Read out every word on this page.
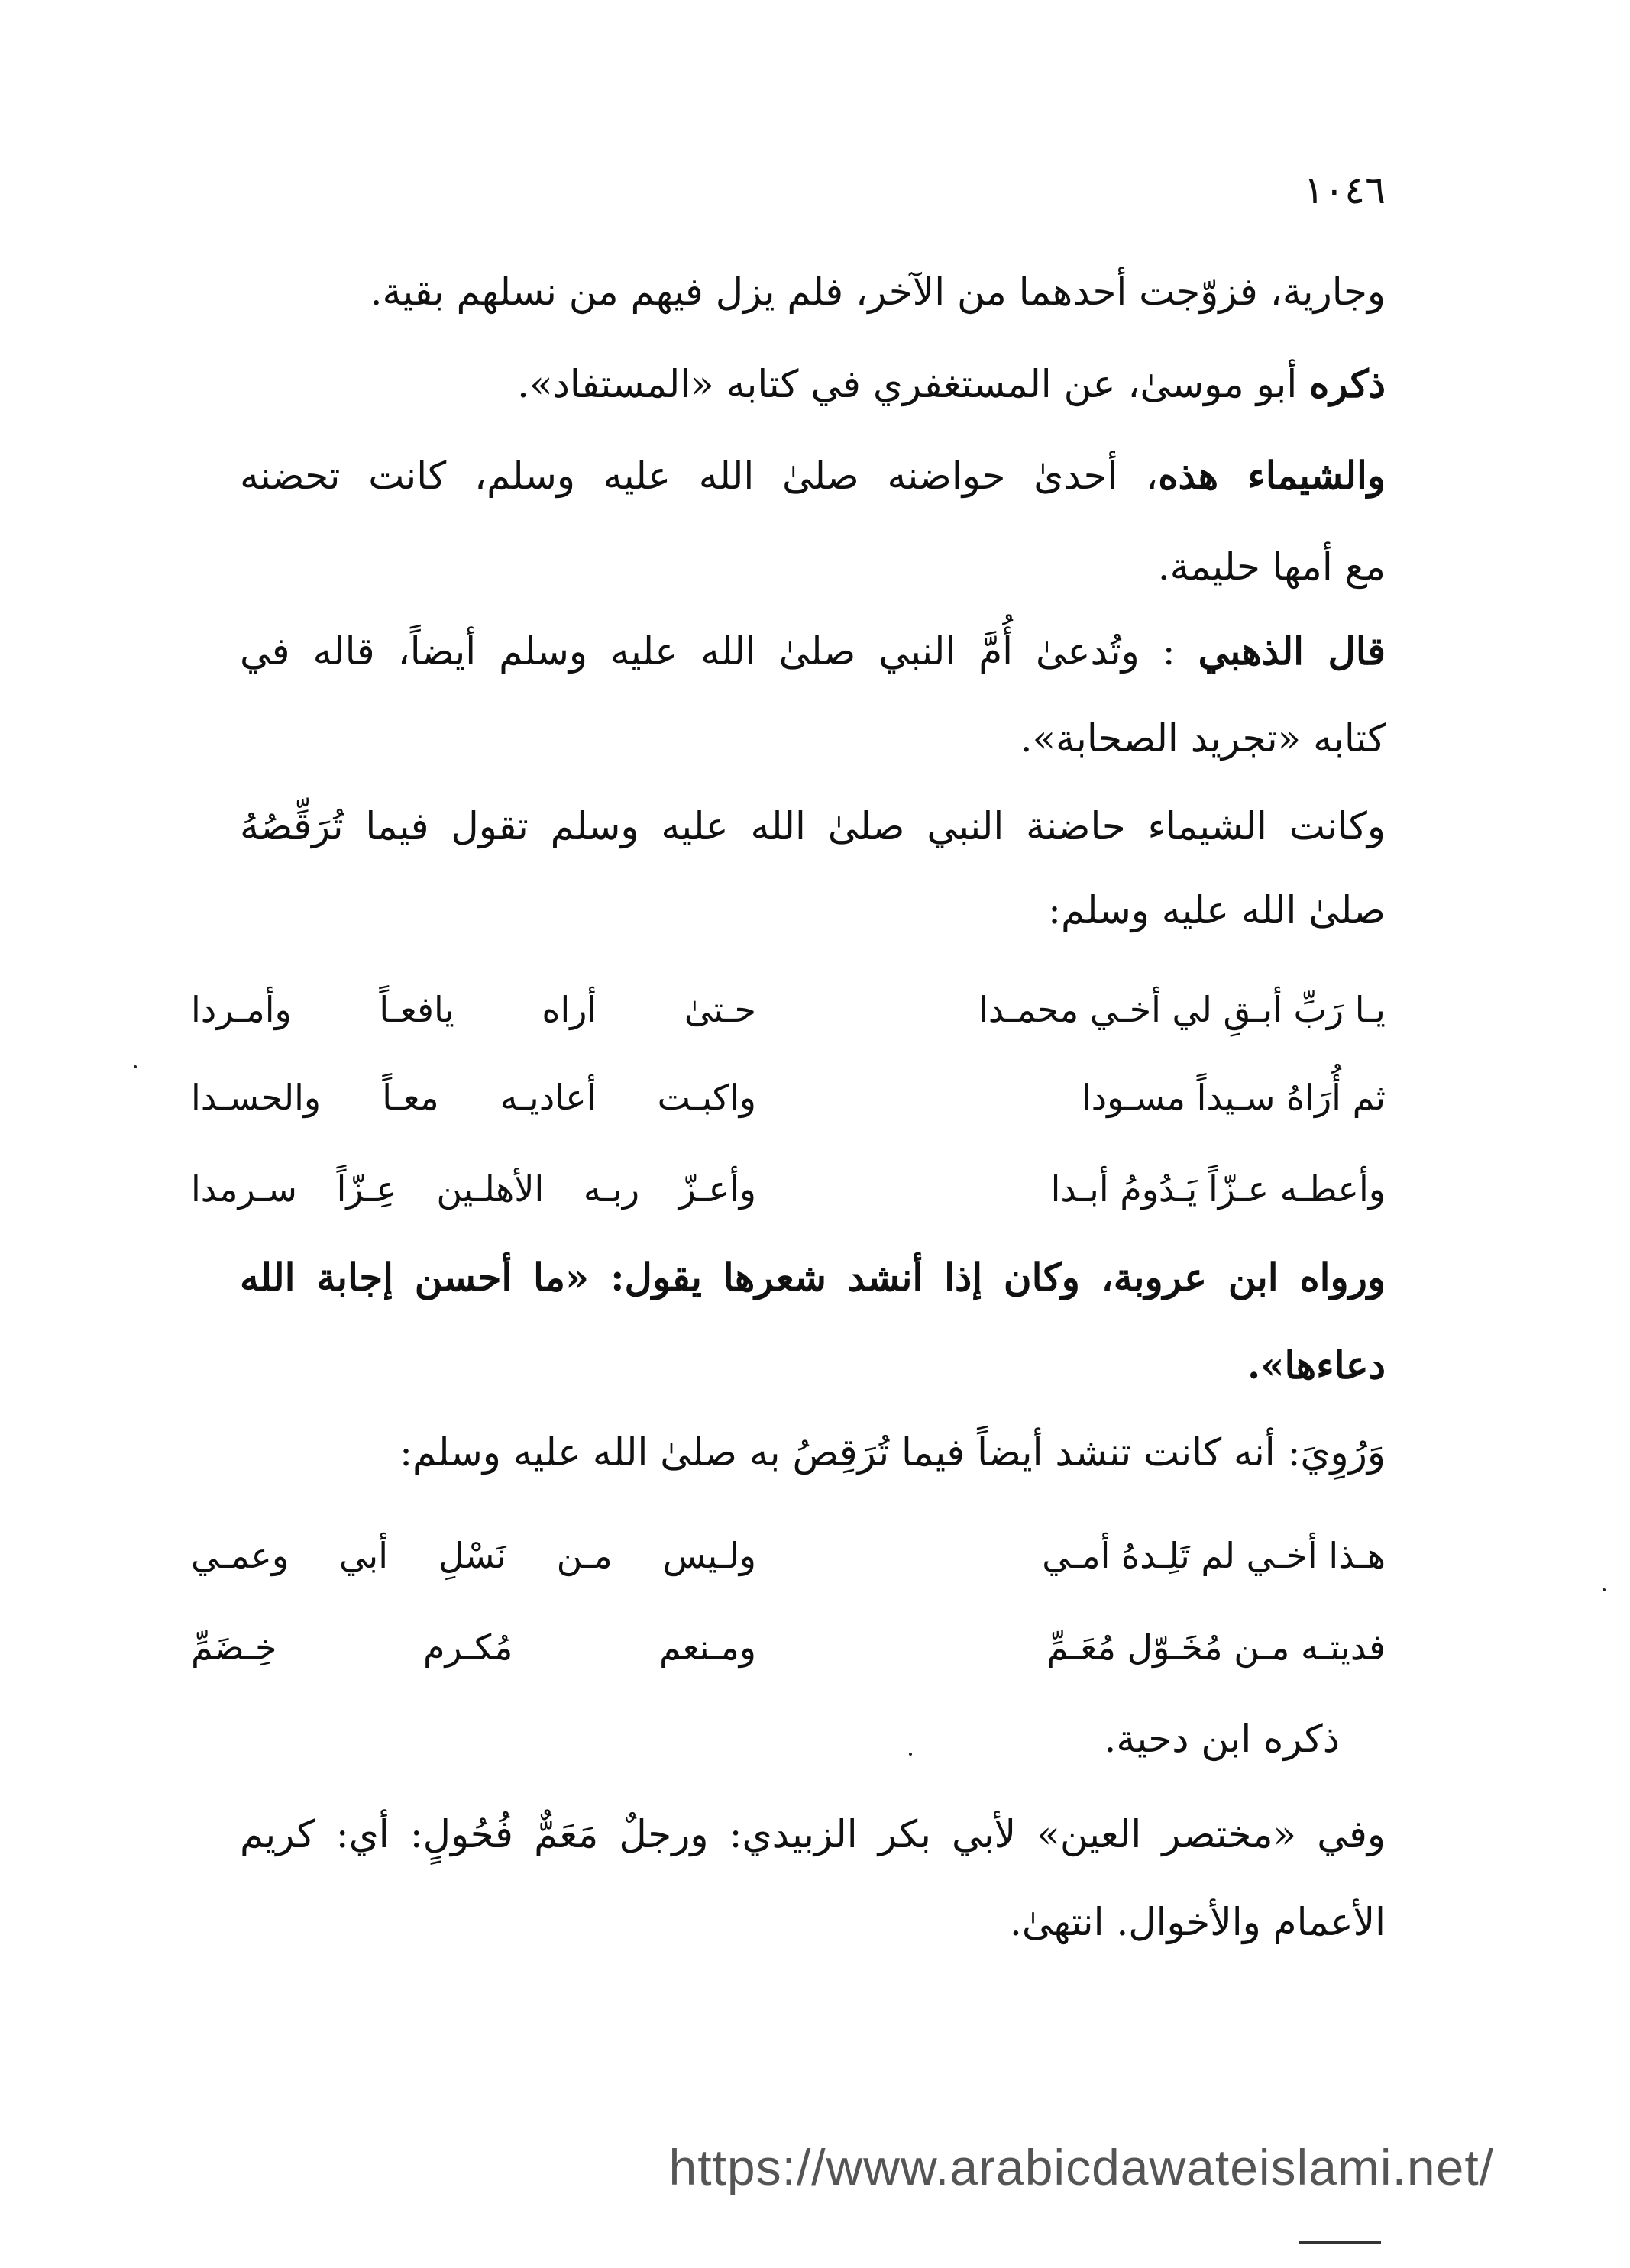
١٠٤٦
وجارية، فزوّجت أحدهما من الآخر، فلم يزل فيهم من نسلهم بقية.
ذكره أبو موسىٰ، عن المستغفري في كتابه «المستفاد».
والشيماء هذه، أحدىٰ حواضنه صلىٰ الله عليه وسلم، كانت تحضنه
مع أمها حليمة.
قال الذهبي : وتُدعىٰ أُمَّ النبي صلىٰ الله عليه وسلم أيضاً، قاله في
كتابه «تجريد الصحابة».
وكانت الشيماء حاضنة النبي صلىٰ الله عليه وسلم تقول فيما تُرَقِّصُهُ
صلىٰ الله عليه وسلم:
يـا رَبِّ أبـقِ لي أخـي محمـدا
حـتىٰ أراه يافعـاً وأمـردا
ثم أُرَاهُ سـيداً مسـودا
واكبـت أعاديـه معـاً والحسـدا
وأعطـه عـزّاً يَـدُومُ أبـدا
وأعـزّ ربـه الأهلـين عِـزّاً سـرمدا
ورواه ابن عروبة، وكان إذا أنشد شعرها يقول: «ما أحسن إجابة الله
دعاءها».
وَرُوِيَ: أنه كانت تنشد أيضاً فيما تُرَقِصُ به صلىٰ الله عليه وسلم:
هـذا أخـي لم تَلِـدهُ أمـي
ولـيس مـن نَسْلِ أبي وعمـي
فديتـه مـن مُخَـوّل مُعَـمِّ
ومـنعم مُكـرم خِـضَمِّ
ذكره ابن دحية.
وفي «مختصر العين» لأبي بكر الزبيدي: ورجلٌ مَعَمٌّ فُحُولٍ: أي: كريم
الأعمام والأخوال. انتهىٰ.
https://www.arabicdawateislami.net/
